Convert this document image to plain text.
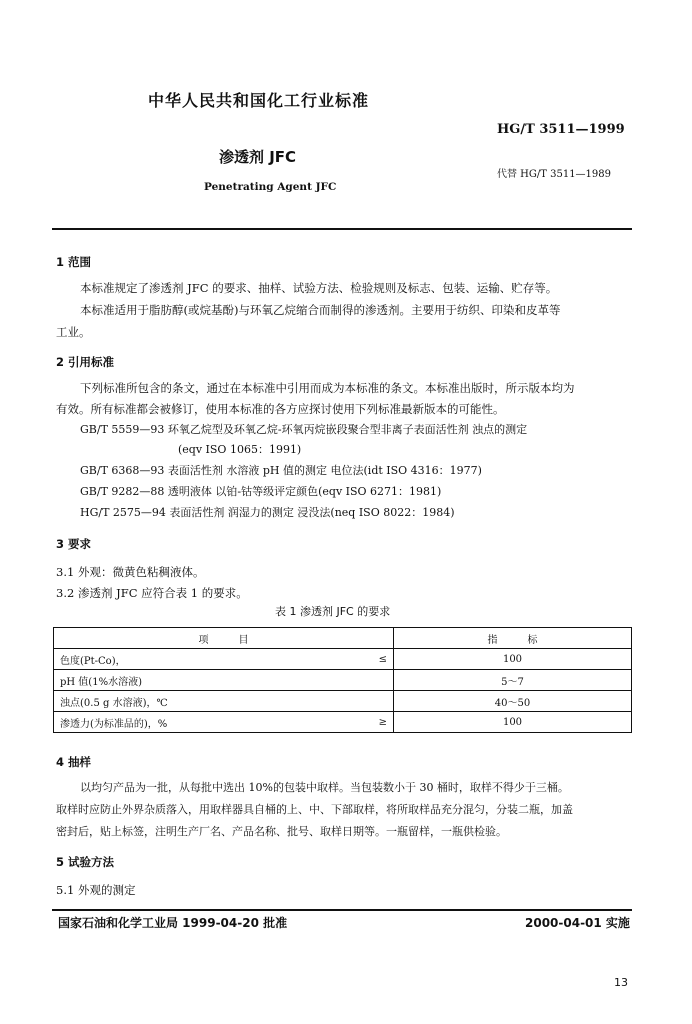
中华人民共和国化工行业标准
HG/T 3511—1999
渗透剂 JFC
代替 HG/T 3511—1989
Penetrating Agent JFC
1 范围
本标准规定了渗透剂 JFC 的要求、抽样、试验方法、检验规则及标志、包装、运输、贮存等。
本标准适用于脂肪醇(或烷基酚)与环氧乙烷缩合而制得的渗透剂。主要用于纺织、印染和皮革等
工业。
2 引用标准
下列标准所包含的条文，通过在本标准中引用而成为本标准的条文。本标准出版时，所示版本均为
有效。所有标准都会被修订，使用本标准的各方应探讨使用下列标准最新版本的可能性。
GB/T 5559—93 环氧乙烷型及环氧乙烷-环氧丙烷嵌段聚合型非离子表面活性剂 浊点的测定
(eqv ISO 1065：1991)
GB/T 6368—93 表面活性剂 水溶液 pH 值的测定 电位法(idt ISO 4316：1977)
GB/T 9282—88 透明液体 以铂-钴等级评定颜色(eqv ISO 6271：1981)
HG/T 2575—94 表面活性剂 润湿力的测定 浸没法(neq ISO 8022：1984)
3 要求
3.1 外观：微黄色粘稠液体。
3.2 渗透剂 JFC 应符合表 1 的要求。
表 1 渗透剂 JFC 的要求
项　　　目		指　　　标
色度(Pt-Co)，	≤	100
pH 值(1%水溶液)		5～7
浊点(0.5 g 水溶液)，℃		40～50
渗透力(为标准品的)，%	≥	100
4 抽样
以均匀产品为一批，从每批中选出 10%的包装中取样。当包装数小于 30 桶时，取样不得少于三桶。
取样时应防止外界杂质落入，用取样器具自桶的上、中、下部取样，将所取样品充分混匀，分装二瓶，加盖
密封后，贴上标签，注明生产厂名、产品名称、批号、取样日期等。一瓶留样，一瓶供检验。
5 试验方法
5.1 外观的测定
国家石油和化学工业局 1999-04-20 批准	2000-04-01 实施
13
